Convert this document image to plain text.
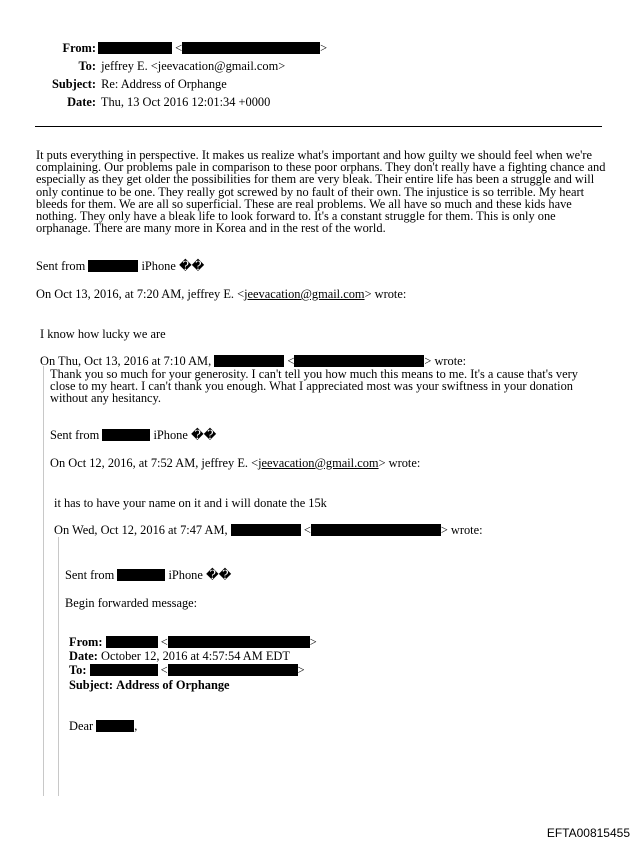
From:	<	>
To: jeffrey E. <jeevacation@gmail.com>
Subject: Re: Address of Orphange
Date: Thu, 13 Oct 2016 12:01:34 +0000
It puts everything in perspective. It makes us realize what's important and how guilty we should feel when we're complaining. Our problems pale in comparison to these poor orphans. They don't really have a fighting chance and especially as they get older the possibilities for them are very bleak. Their entire life has been a struggle and will only continue to be one. They really got screwed by no fault of their own. The injustice is so terrible. My heart bleeds for them. We are all so superficial. These are real problems. We all have so much and these kids have nothing. They only have a bleak life to look forward to. It's a constant struggle for them. This is only one orphanage. There are many more in Korea and in the rest of the world.
Sent from	iPhone ��
On Oct 13, 2016, at 7:20 AM, jeffrey E. <jeevacation@gmail.com> wrote:
I know how lucky we are
On Thu, Oct 13, 2016 at 7:10 AM,	<	> wrote:
Thank you so much for your generosity. I can't tell you how much this means to me. It's a cause that's very close to my heart. I can't thank you enough. What I appreciated most was your swiftness in your donation without any hesitancy.
Sent from	iPhone ��
On Oct 12, 2016, at 7:52 AM, jeffrey E. <jeevacation@gmail.com> wrote:
it has to have your name on it and i will donate the 15k
On Wed, Oct 12, 2016 at 7:47 AM,	<	> wrote:
Sent from	iPhone ��
Begin forwarded message:
From:	<	>
Date: October 12, 2016 at 4:57:54 AM EDT
To:	<	>
Subject: Address of Orphange
Dear	,
EFTA00815455
